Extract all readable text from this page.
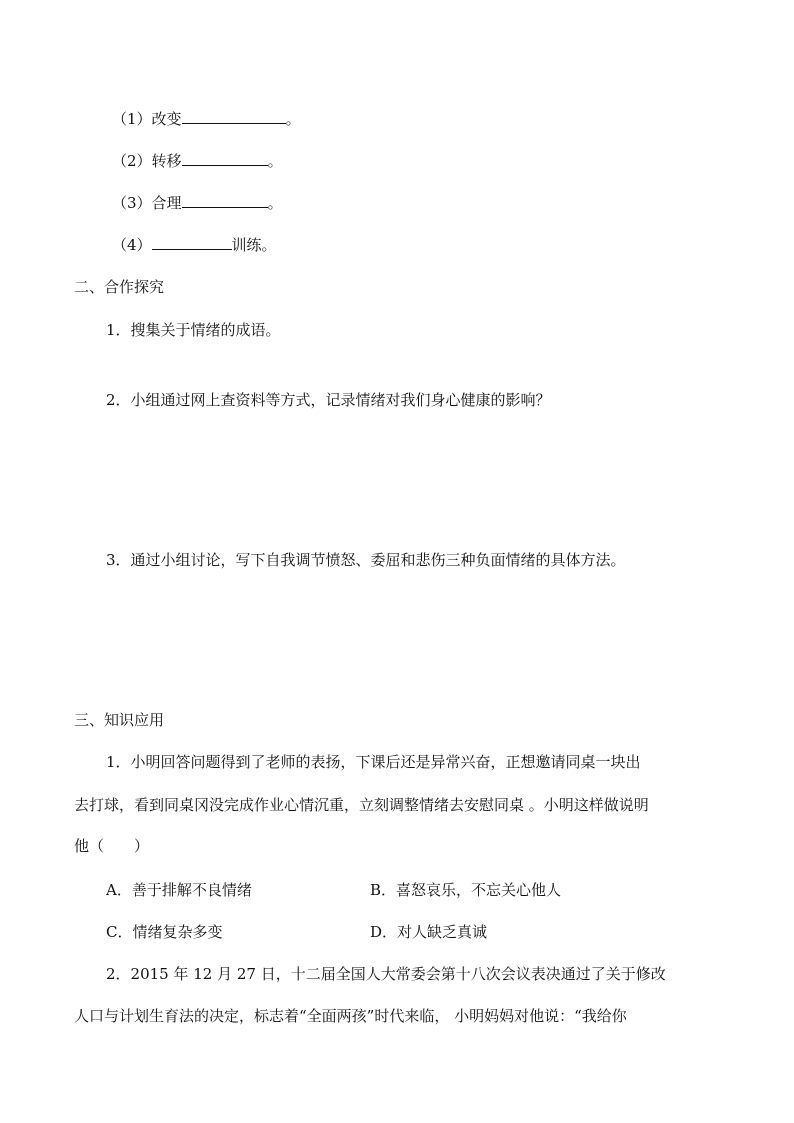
（1）改变	。
（2）转移	。
（3）合理	。
（4）	训练。
二、合作探究
1．搜集关于情绪的成语。
2．小组通过网上查资料等方式，记录情绪对我们身心健康的影响？
3．通过小组讨论，写下自我调节愤怒、委屈和悲伤三种负面情绪的具体方法。
三、知识应用
1．小明回答问题得到了老师的表扬，下课后还是异常兴奋，正想邀请同桌一块出
去打球，看到同桌冈没完成作业心情沉重，立刻调整情绪去安慰同桌 。小明这样做说明
他（　　）
A．善于排解不良情绪	B．喜怒哀乐，不忘关心他人
C．情绪复杂多变	D．对人缺乏真诚
2．2015 年 12 月 27 日，十二届全国人大常委会第十八次会议表决通过了关于修改
人口与计划生育法的决定，标志着“全面两孩”时代来临， 小明妈妈对他说：“我给你
